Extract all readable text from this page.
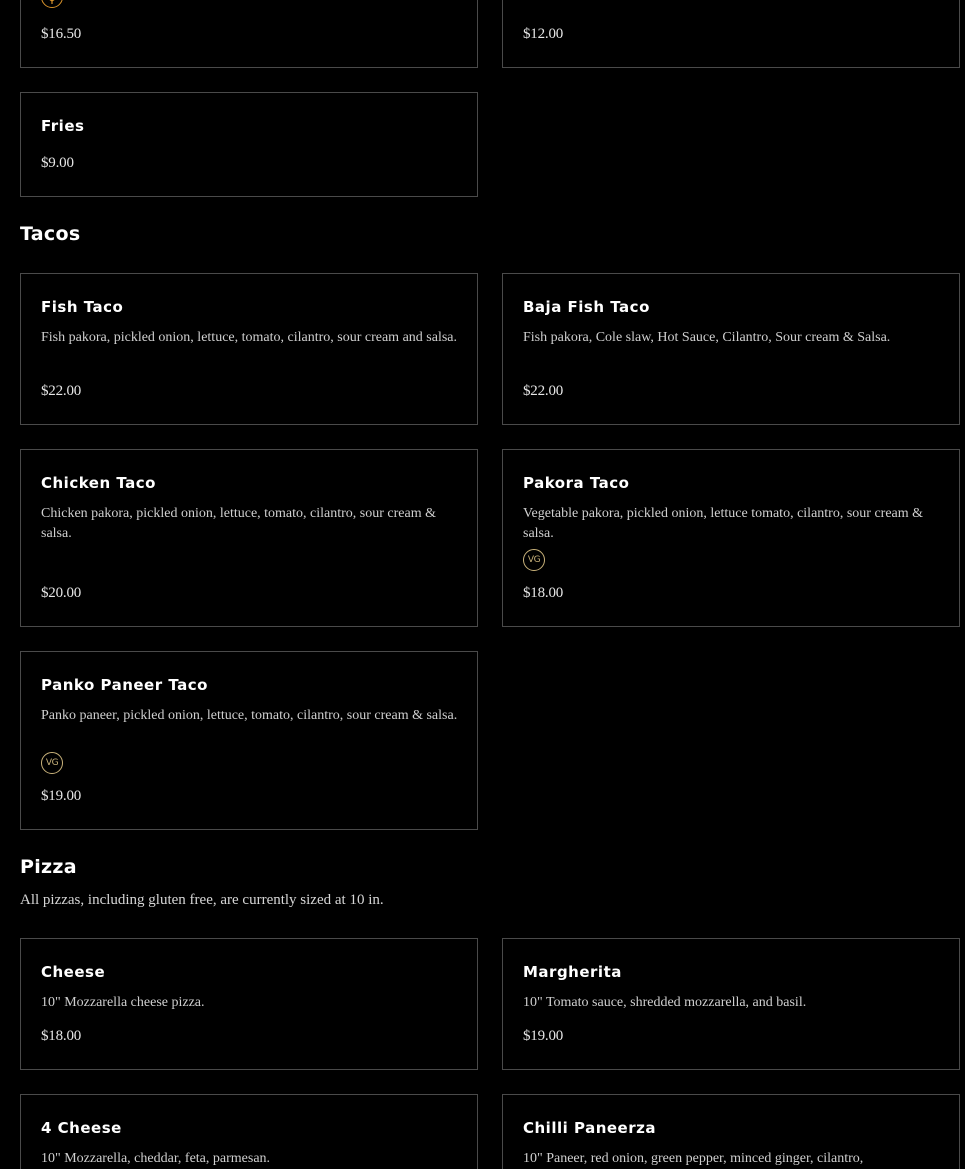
$16.50	$12.00
Fries
$9.00
Tacos
Fish Taco
Fish pakora, pickled onion, lettuce, tomato, cilantro, sour cream and salsa.
$22.00
Baja Fish Taco
Fish pakora, Cole slaw, Hot Sauce, Cilantro, Sour cream & Salsa.
$22.00
Chicken Taco
Chicken pakora, pickled onion, lettuce, tomato, cilantro, sour cream & salsa.
$20.00
Pakora Taco
Vegetable pakora, pickled onion, lettuce tomato, cilantro, sour cream & salsa.
VG
$18.00
Panko Paneer Taco
Panko paneer, pickled onion, lettuce, tomato, cilantro, sour cream & salsa.
VG
$19.00
Pizza
All pizzas, including gluten free, are currently sized at 10 in.
Cheese
10" Mozzarella cheese pizza.
$18.00
Margherita
10" Tomato sauce, shredded mozzarella, and basil.
$19.00
4 Cheese
10" Mozzarella, cheddar, feta, parmesan.
Chilli Paneerza
10" Paneer, red onion, green pepper, minced ginger, cilantro,
